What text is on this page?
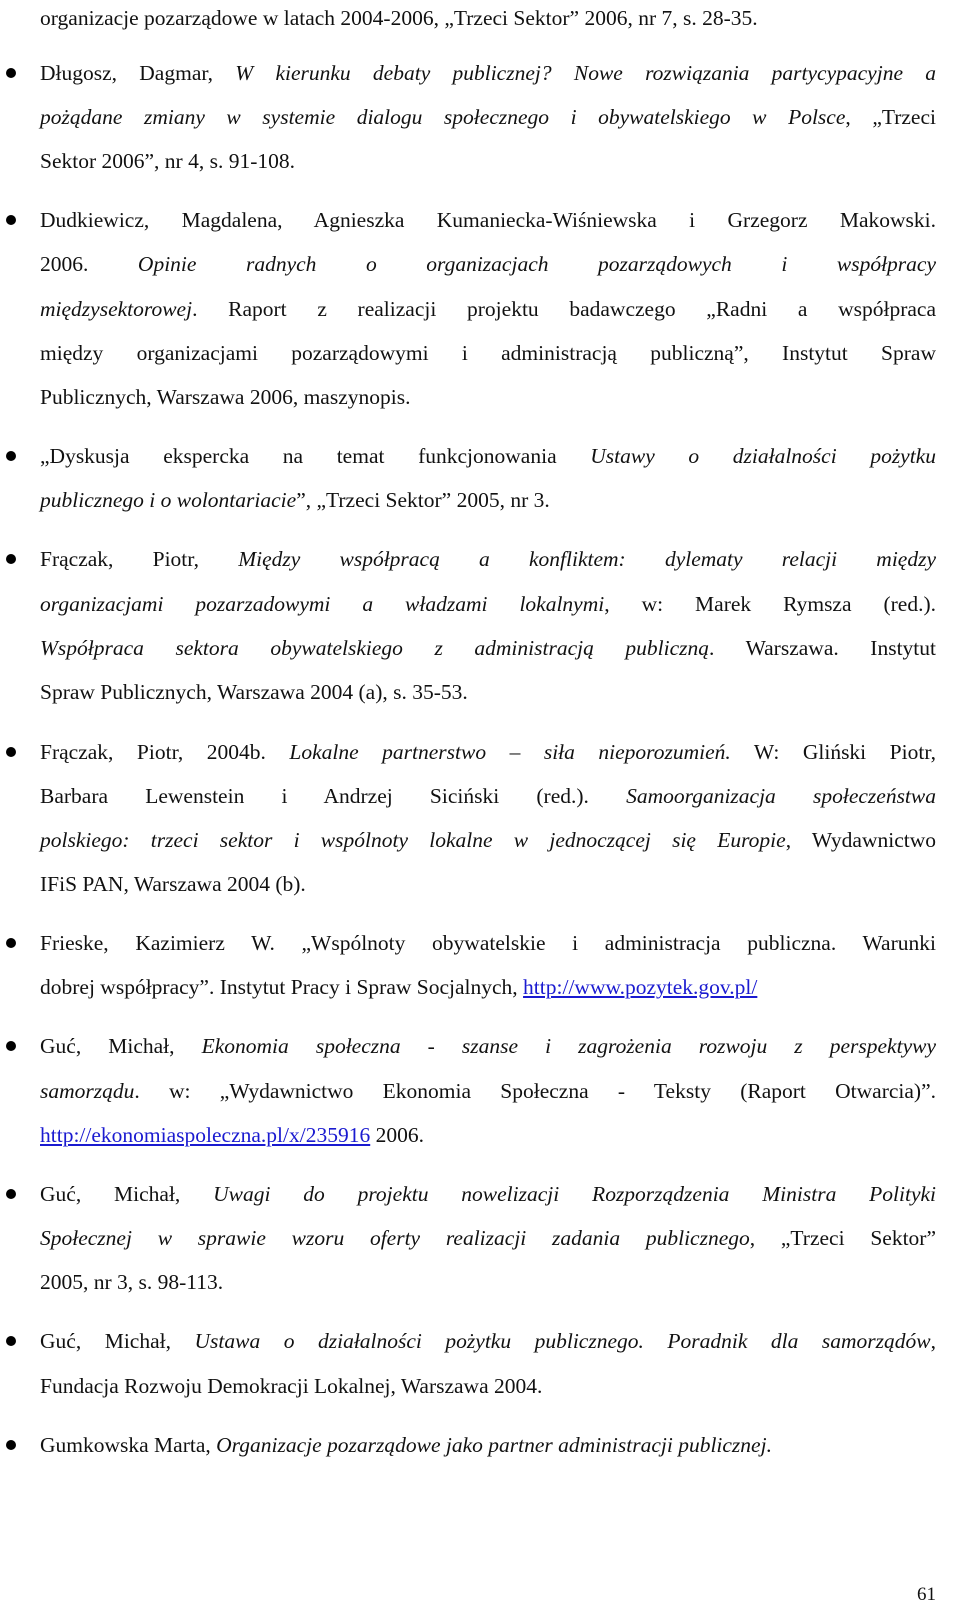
organizacje pozarządowe w latach 2004-2006, „Trzeci Sektor” 2006, nr 7, s. 28-35.
Długosz, Dagmar, W kierunku debaty publicznej? Nowe rozwiązania partycypacyjne a
pożądane zmiany w systemie dialogu społecznego i obywatelskiego w Polsce, „Trzeci
Sektor 2006”, nr 4, s. 91-108.
Dudkiewicz, Magdalena, Agnieszka Kumaniecka-Wiśniewska i Grzegorz Makowski.
2006. Opinie radnych o organizacjach pozarządowych i współpracy
międzysektorowej. Raport z realizacji projektu badawczego „Radni a współpraca
między organizacjami pozarządowymi i administracją publiczną”, Instytut Spraw
Publicznych, Warszawa 2006, maszynopis.
„Dyskusja ekspercka na temat funkcjonowania Ustawy o działalności pożytku
publicznego i o wolontariacie”, „Trzeci Sektor” 2005, nr 3.
Frączak, Piotr, Między współpracą a konfliktem: dylematy relacji między
organizacjami pozarzadowymi a władzami lokalnymi, w: Marek Rymsza (red.).
Współpraca sektora obywatelskiego z administracją publiczną. Warszawa. Instytut
Spraw Publicznych, Warszawa 2004 (a), s. 35-53.
Frączak, Piotr, 2004b. Lokalne partnerstwo – siła nieporozumień. W: Gliński Piotr,
Barbara Lewenstein i Andrzej Siciński (red.). Samoorganizacja społeczeństwa
polskiego: trzeci sektor i wspólnoty lokalne w jednoczącej się Europie, Wydawnictwo
IFiS PAN, Warszawa 2004 (b).
Frieske, Kazimierz W. „Wspólnoty obywatelskie i administracja publiczna. Warunki
dobrej współpracy”. Instytut Pracy i Spraw Socjalnych, http://www.pozytek.gov.pl/
Guć, Michał, Ekonomia społeczna - szanse i zagrożenia rozwoju z perspektywy
samorządu. w: „Wydawnictwo Ekonomia Społeczna - Teksty (Raport Otwarcia)”.
http://ekonomiaspoleczna.pl/x/235916 2006.
Guć, Michał, Uwagi do projektu nowelizacji Rozporządzenia Ministra Polityki
Społecznej w sprawie wzoru oferty realizacji zadania publicznego, „Trzeci Sektor”
2005, nr 3, s. 98-113.
Guć, Michał, Ustawa o działalności pożytku publicznego. Poradnik dla samorządów,
Fundacja Rozwoju Demokracji Lokalnej, Warszawa 2004.
Gumkowska Marta, Organizacje pozarządowe jako partner administracji publicznej.
61
